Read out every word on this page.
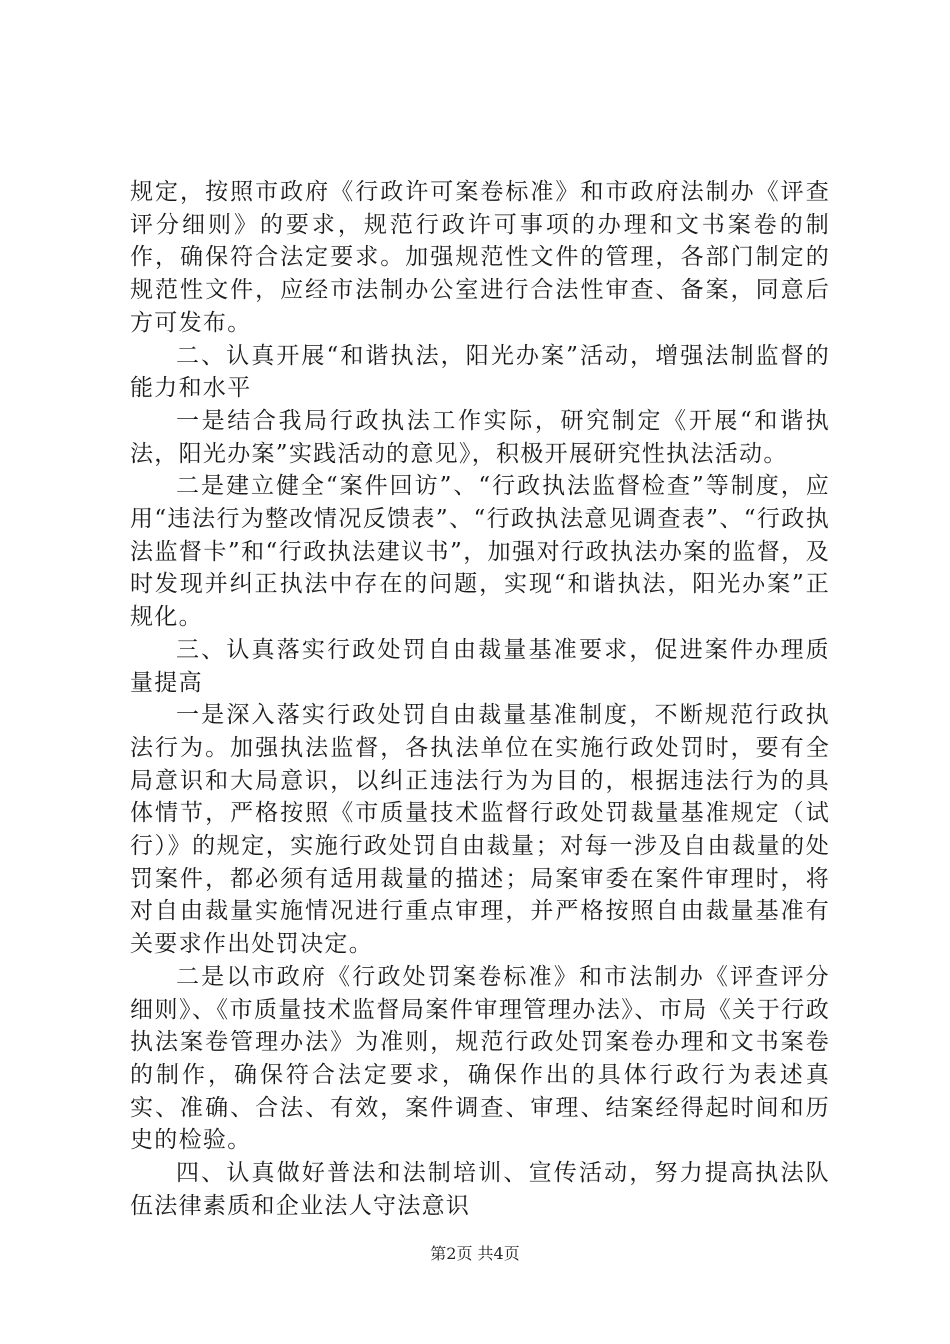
规定，按照市政府《行政许可案卷标准》和市政府法制办《评查评分细则》的要求，规范行政许可事项的办理和文书案卷的制作，确保符合法定要求。加强规范性文件的管理，各部门制定的规范性文件，应经市法制办公室进行合法性审查、备案，同意后方可发布。

二、认真开展“和谐执法，阳光办案”活动，增强法制监督的能力和水平

一是结合我局行政执法工作实际，研究制定《开展“和谐执法，阳光办案”实践活动的意见》，积极开展研究性执法活动。

二是建立健全“案件回访”、“行政执法监督检查”等制度，应用“违法行为整改情况反馈表”、“行政执法意见调查表”、“行政执法监督卡”和“行政执法建议书”，加强对行政执法办案的监督，及时发现并纠正执法中存在的问题，实现“和谐执法，阳光办案”正规化。

三、认真落实行政处罚自由裁量基准要求，促进案件办理质量提高

一是深入落实行政处罚自由裁量基准制度，不断规范行政执法行为。加强执法监督，各执法单位在实施行政处罚时，要有全局意识和大局意识，以纠正违法行为为目的，根据违法行为的具体情节，严格按照《市质量技术监督行政处罚裁量基准规定（试行）》的规定，实施行政处罚自由裁量；对每一涉及自由裁量的处罚案件，都必须有适用裁量的描述；局案审委在案件审理时，将对自由裁量实施情况进行重点审理，并严格按照自由裁量基准有关要求作出处罚决定。

二是以市政府《行政处罚案卷标准》和市法制办《评查评分细则》、《市质量技术监督局案件审理管理办法》、市局《关于行政执法案卷管理办法》为准则，规范行政处罚案卷办理和文书案卷的制作，确保符合法定要求，确保作出的具体行政行为表述真实、准确、合法、有效，案件调查、审理、结案经得起时间和历史的检验。

四、认真做好普法和法制培训、宣传活动，努力提高执法队伍法律素质和企业法人守法意识

第2页 共4页
